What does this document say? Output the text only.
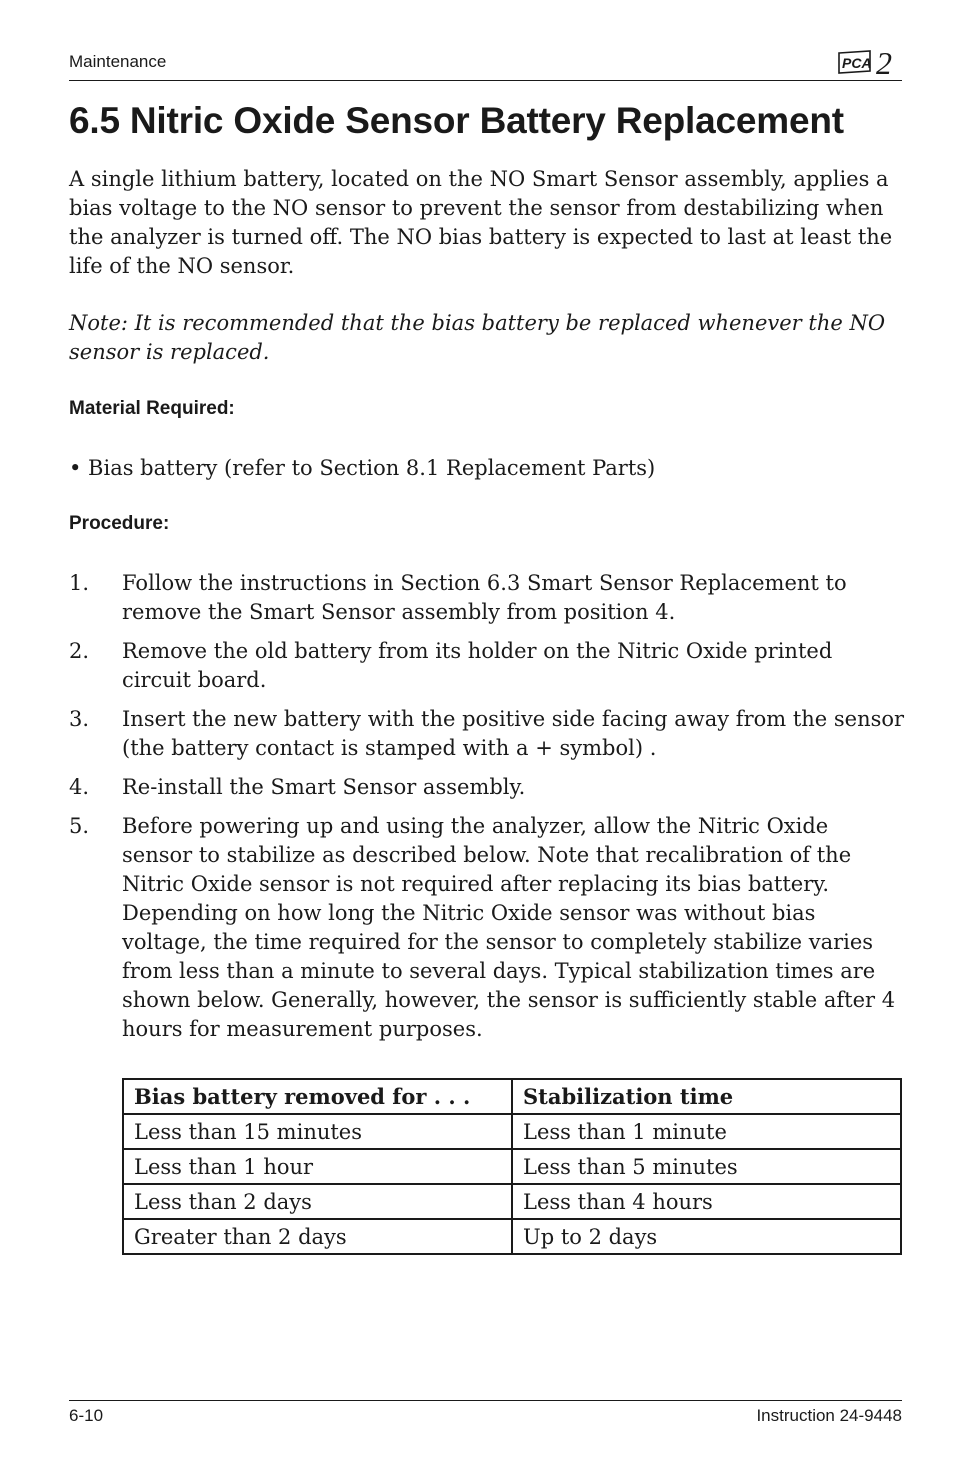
Maintenance	PCA 2
6.5 Nitric Oxide Sensor Battery Replacement

A single lithium battery, located on the NO Smart Sensor assembly, applies a bias voltage to the NO sensor to prevent the sensor from destabilizing when the analyzer is turned off. The NO bias battery is expected to last at least the life of the NO sensor.

Note: It is recommended that the bias battery be replaced whenever the NO sensor is replaced.

Material Required:
• Bias battery (refer to Section 8.1 Replacement Parts)
Procedure:
1.	Follow the instructions in Section 6.3 Smart Sensor Replacement to remove the Smart Sensor assembly from position 4.
2.	Remove the old battery from its holder on the Nitric Oxide printed circuit board.
3.	Insert the new battery with the positive side facing away from the sensor (the battery contact is stamped with a + symbol) .
4.	Re-install the Smart Sensor assembly.
5.	Before powering up and using the analyzer, allow the Nitric Oxide sensor to stabilize as described below. Note that recalibration of the Nitric Oxide sensor is not required after replacing its bias battery. Depending on how long the Nitric Oxide sensor was without bias voltage, the time required for the sensor to completely stabilize varies from less than a minute to several days. Typical stabilization times are shown below. Generally, however, the sensor is sufficiently stable after 4 hours for measurement purposes.
Bias battery removed for . . .	Stabilization time
Less than 15 minutes	Less than 1 minute
Less than 1 hour	Less than 5 minutes
Less than 2 days	Less than 4 hours
Greater than 2 days	Up to 2 days
6-10	Instruction 24-9448
